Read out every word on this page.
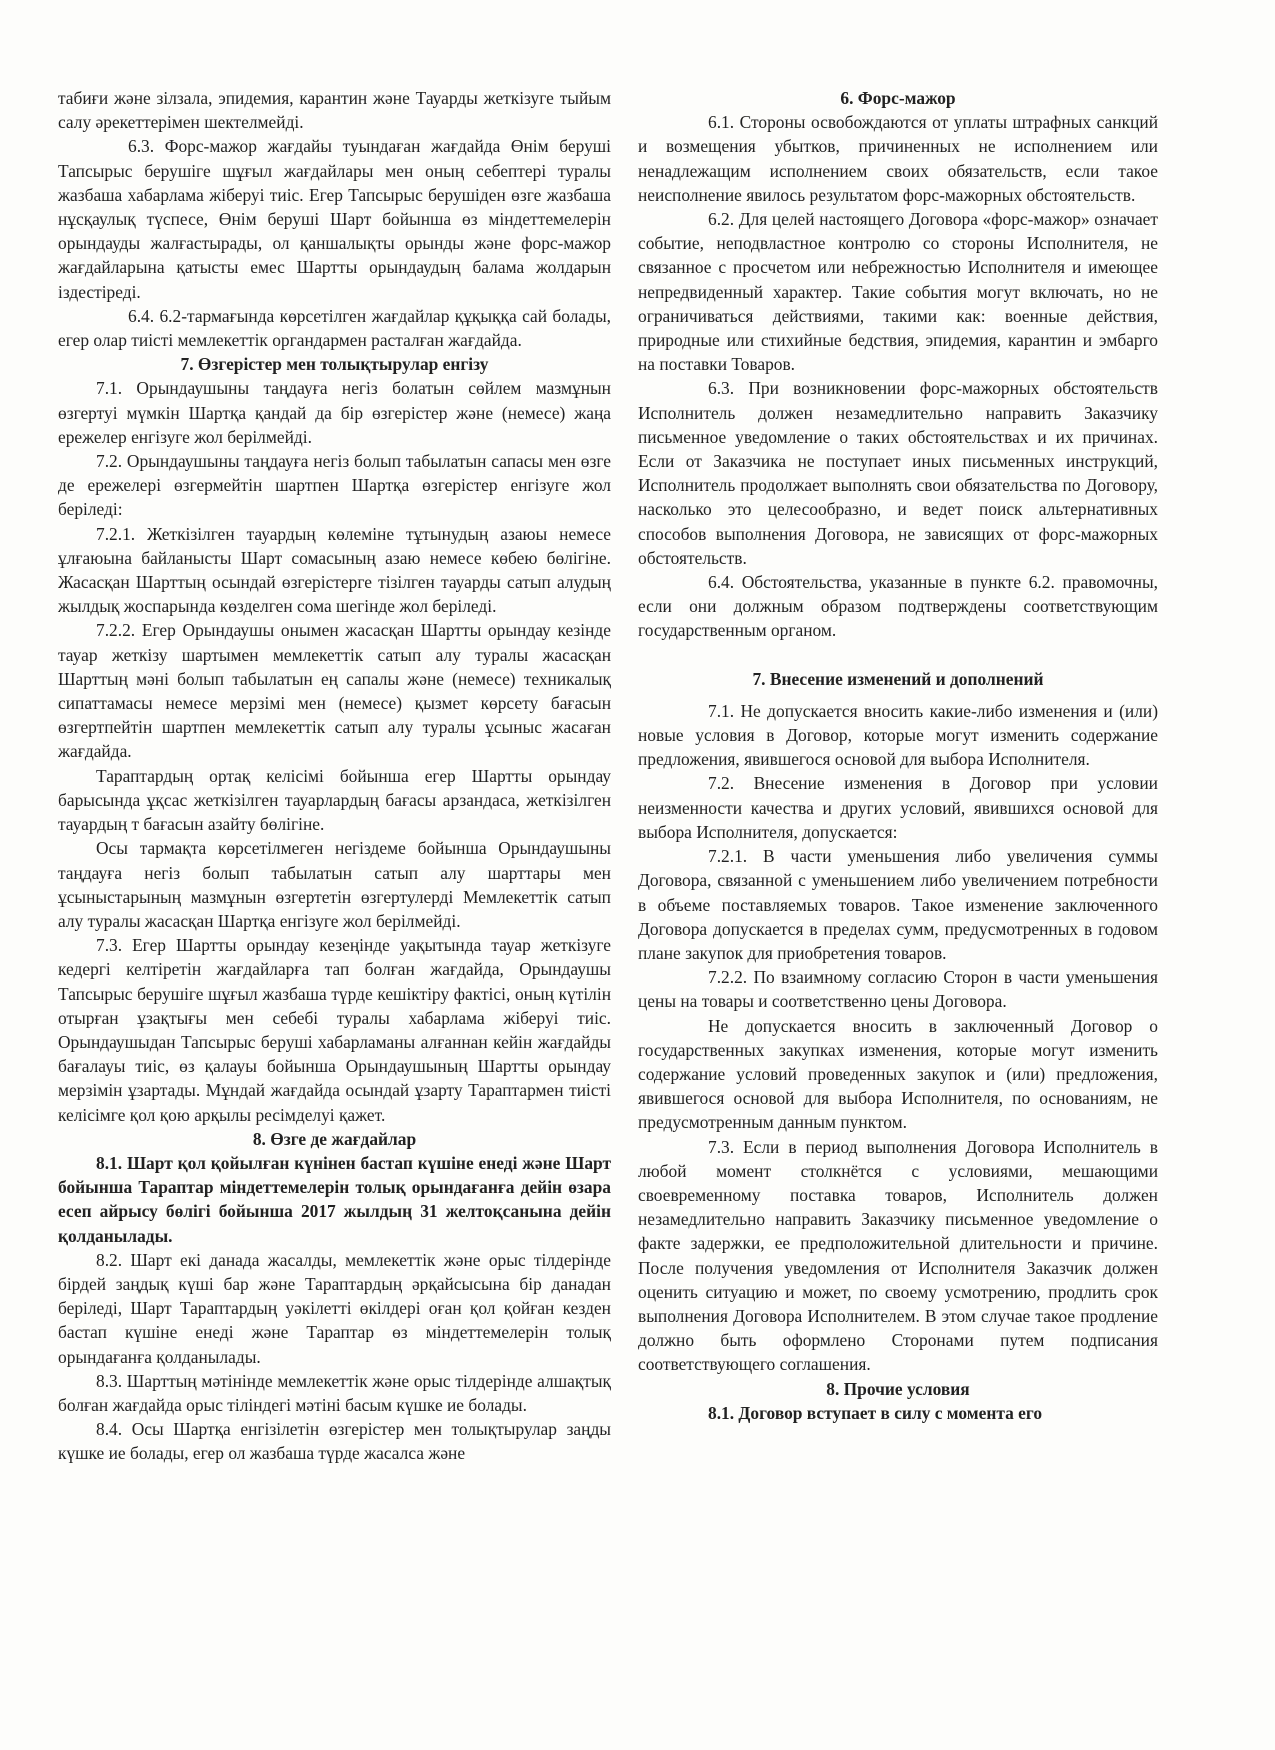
табиғи және зілзала, эпидемия, карантин және Тауарды жеткізуге тыйым салу әрекеттерімен шектелмейді.

6.3. Форс-мажор жағдайы туындаған жағдайда Өнім беруші Тапсырыс берушіге шұғыл жағдайлары мен оның себептері туралы жазбаша хабарлама жіберуі тиіс. Егер Тапсырыс берушіден өзге жазбаша нұсқаулық түспесе, Өнім беруші Шарт бойынша өз міндеттемелерін орындауды жалғастырады, ол қаншалықты орынды және форс-мажор жағдайларына қатысты емес Шартты орындаудың балама жолдарын іздестіреді.

6.4. 6.2-тармағында көрсетілген жағдайлар құқыққа сай болады, егер олар тиісті мемлекеттік органдармен расталған жағдайда.

7. Өзгерістер мен толықтырулар енгізу

7.1. Орындаушыны таңдауға негіз болатын сөйлем мазмұнын өзгертуі мүмкін Шартқа қандай да бір өзгерістер және (немесе) жаңа ережелер енгізуге жол берілмейді.

7.2. Орындаушыны таңдауға негіз болып табылатын сапасы мен өзге де ережелері өзгермейтін шартпен Шартқа өзгерістер енгізуге жол беріледі:

7.2.1. Жеткізілген тауардың көлеміне тұтынудың азаюы немесе ұлғаюына байланысты Шарт сомасының азаю немесе көбею бөлігіне. Жасасқан Шарттың осындай өзгерістерге тізілген тауарды сатып алудың жылдық жоспарында көзделген сома шегінде жол беріледі.

7.2.2. Егер Орындаушы онымен жасасқан Шартты орындау кезінде тауар жеткізу шартымен мемлекеттік сатып алу туралы жасасқан Шарттың мәні болып табылатын ең сапалы және (немесе) техникалық сипаттамасы немесе мерзімі мен (немесе) қызмет көрсету бағасын өзгертпейтін шартпен мемлекеттік сатып алу туралы ұсыныс жасаған жағдайда.

Тараптардың ортақ келісімі бойынша егер Шартты орындау барысында ұқсас жеткізілген тауарлардың бағасы арзандаса, жеткізілген тауардың т бағасын азайту бөлігіне.

Осы тармақта көрсетілмеген негіздеме бойынша Орындаушыны таңдауға негіз болып табылатын сатып алу шарттары мен ұсыныстарының мазмұнын өзгертетін өзгертулерді Мемлекеттік сатып алу туралы жасасқан Шартқа енгізуге жол берілмейді.

7.3. Егер Шартты орындау кезеңінде уақытында тауар жеткізуге кедергі келтіретін жағдайларға тап болған жағдайда, Орындаушы Тапсырыс берушіге шұғыл жазбаша түрде кешіктіру фактісі, оның күтілін отырған ұзақтығы мен себебі туралы хабарлама жіберуі тиіс. Орындаушыдан Тапсырыс беруші хабарламаны алғаннан кейін жағдайды бағалауы тиіс, өз қалауы бойынша Орындаушының Шартты орындау мерзімін ұзартады. Мұндай жағдайда осындай ұзарту Тараптармен тиісті келісімге қол қою арқылы ресімделуі қажет.

8. Өзге де жағдайлар

8.1. Шарт қол қойылған күнінен бастап күшіне енеді және Шарт бойынша Тараптар міндеттемелерін толық орындағанға дейін өзара есеп айрысу бөлігі бойынша 2017 жылдың 31 желтоқсанына дейін қолданылады.

8.2. Шарт екі данада жасалды, мемлекеттік және орыс тілдерінде бірдей заңдық күші бар және Тараптардың әрқайсысына бір данадан беріледі, Шарт Тараптардың уәкілетті өкілдері оған қол қойған кезден бастап күшіне енеді және Тараптар өз міндеттемелерін толық орындағанға қолданылады.

8.3. Шарттың мәтінінде мемлекеттік және орыс тілдерінде алшақтық болған жағдайда орыс тіліндегі мәтіні басым күшке ие болады.

8.4. Осы Шартқа енгізілетін өзгерістер мен толықтырулар заңды күшке ие болады, егер ол жазбаша түрде жасалса және

6. Форс-мажор

6.1. Стороны освобождаются от уплаты штрафных санкций и возмещения убытков, причиненных не исполнением или ненадлежащим исполнением своих обязательств, если такое неисполнение явилось результатом форс-мажорных обстоятельств.

6.2. Для целей настоящего Договора «форс-мажор» означает событие, неподвластное контролю со стороны Исполнителя, не связанное с просчетом или небрежностью Исполнителя и имеющее непредвиденный характер. Такие события могут включать, но не ограничиваться действиями, такими как: военные действия, природные или стихийные бедствия, эпидемия, карантин и эмбарго на поставки Товаров.

6.3. При возникновении форс-мажорных обстоятельств Исполнитель должен незамедлительно направить Заказчику письменное уведомление о таких обстоятельствах и их причинах. Если от Заказчика не поступает иных письменных инструкций, Исполнитель продолжает выполнять свои обязательства по Договору, насколько это целесообразно, и ведет поиск альтернативных способов выполнения Договора, не зависящих от форс-мажорных обстоятельств.

6.4. Обстоятельства, указанные в пункте 6.2. правомочны, если они должным образом подтверждены соответствующим государственным органом.

7. Внесение изменений и дополнений

7.1. Не допускается вносить какие-либо изменения и (или) новые условия в Договор, которые могут изменить содержание предложения, явившегося основой для выбора Исполнителя.

7.2. Внесение изменения в Договор при условии неизменности качества и других условий, явившихся основой для выбора Исполнителя, допускается:

7.2.1. В части уменьшения либо увеличения суммы Договора, связанной с уменьшением либо увеличением потребности в объеме поставляемых товаров. Такое изменение заключенного Договора допускается в пределах сумм, предусмотренных в годовом плане закупок для приобретения товаров.

7.2.2. По взаимному согласию Сторон в части уменьшения цены на товары и соответственно цены Договора.

Не допускается вносить в заключенный Договор о государственных закупках изменения, которые могут изменить содержание условий проведенных закупок и (или) предложения, явившегося основой для выбора Исполнителя, по основаниям, не предусмотренным данным пунктом.

7.3. Если в период выполнения Договора Исполнитель в любой момент столкнётся с условиями, мешающими своевременному поставка товаров, Исполнитель должен незамедлительно направить Заказчику письменное уведомление о факте задержки, ее предположительной длительности и причине. После получения уведомления от Исполнителя Заказчик должен оценить ситуацию и может, по своему усмотрению, продлить срок выполнения Договора Исполнителем. В этом случае такое продление должно быть оформлено Сторонами путем подписания соответствующего соглашения.

8. Прочие условия

8.1. Договор вступает в силу с момента его
